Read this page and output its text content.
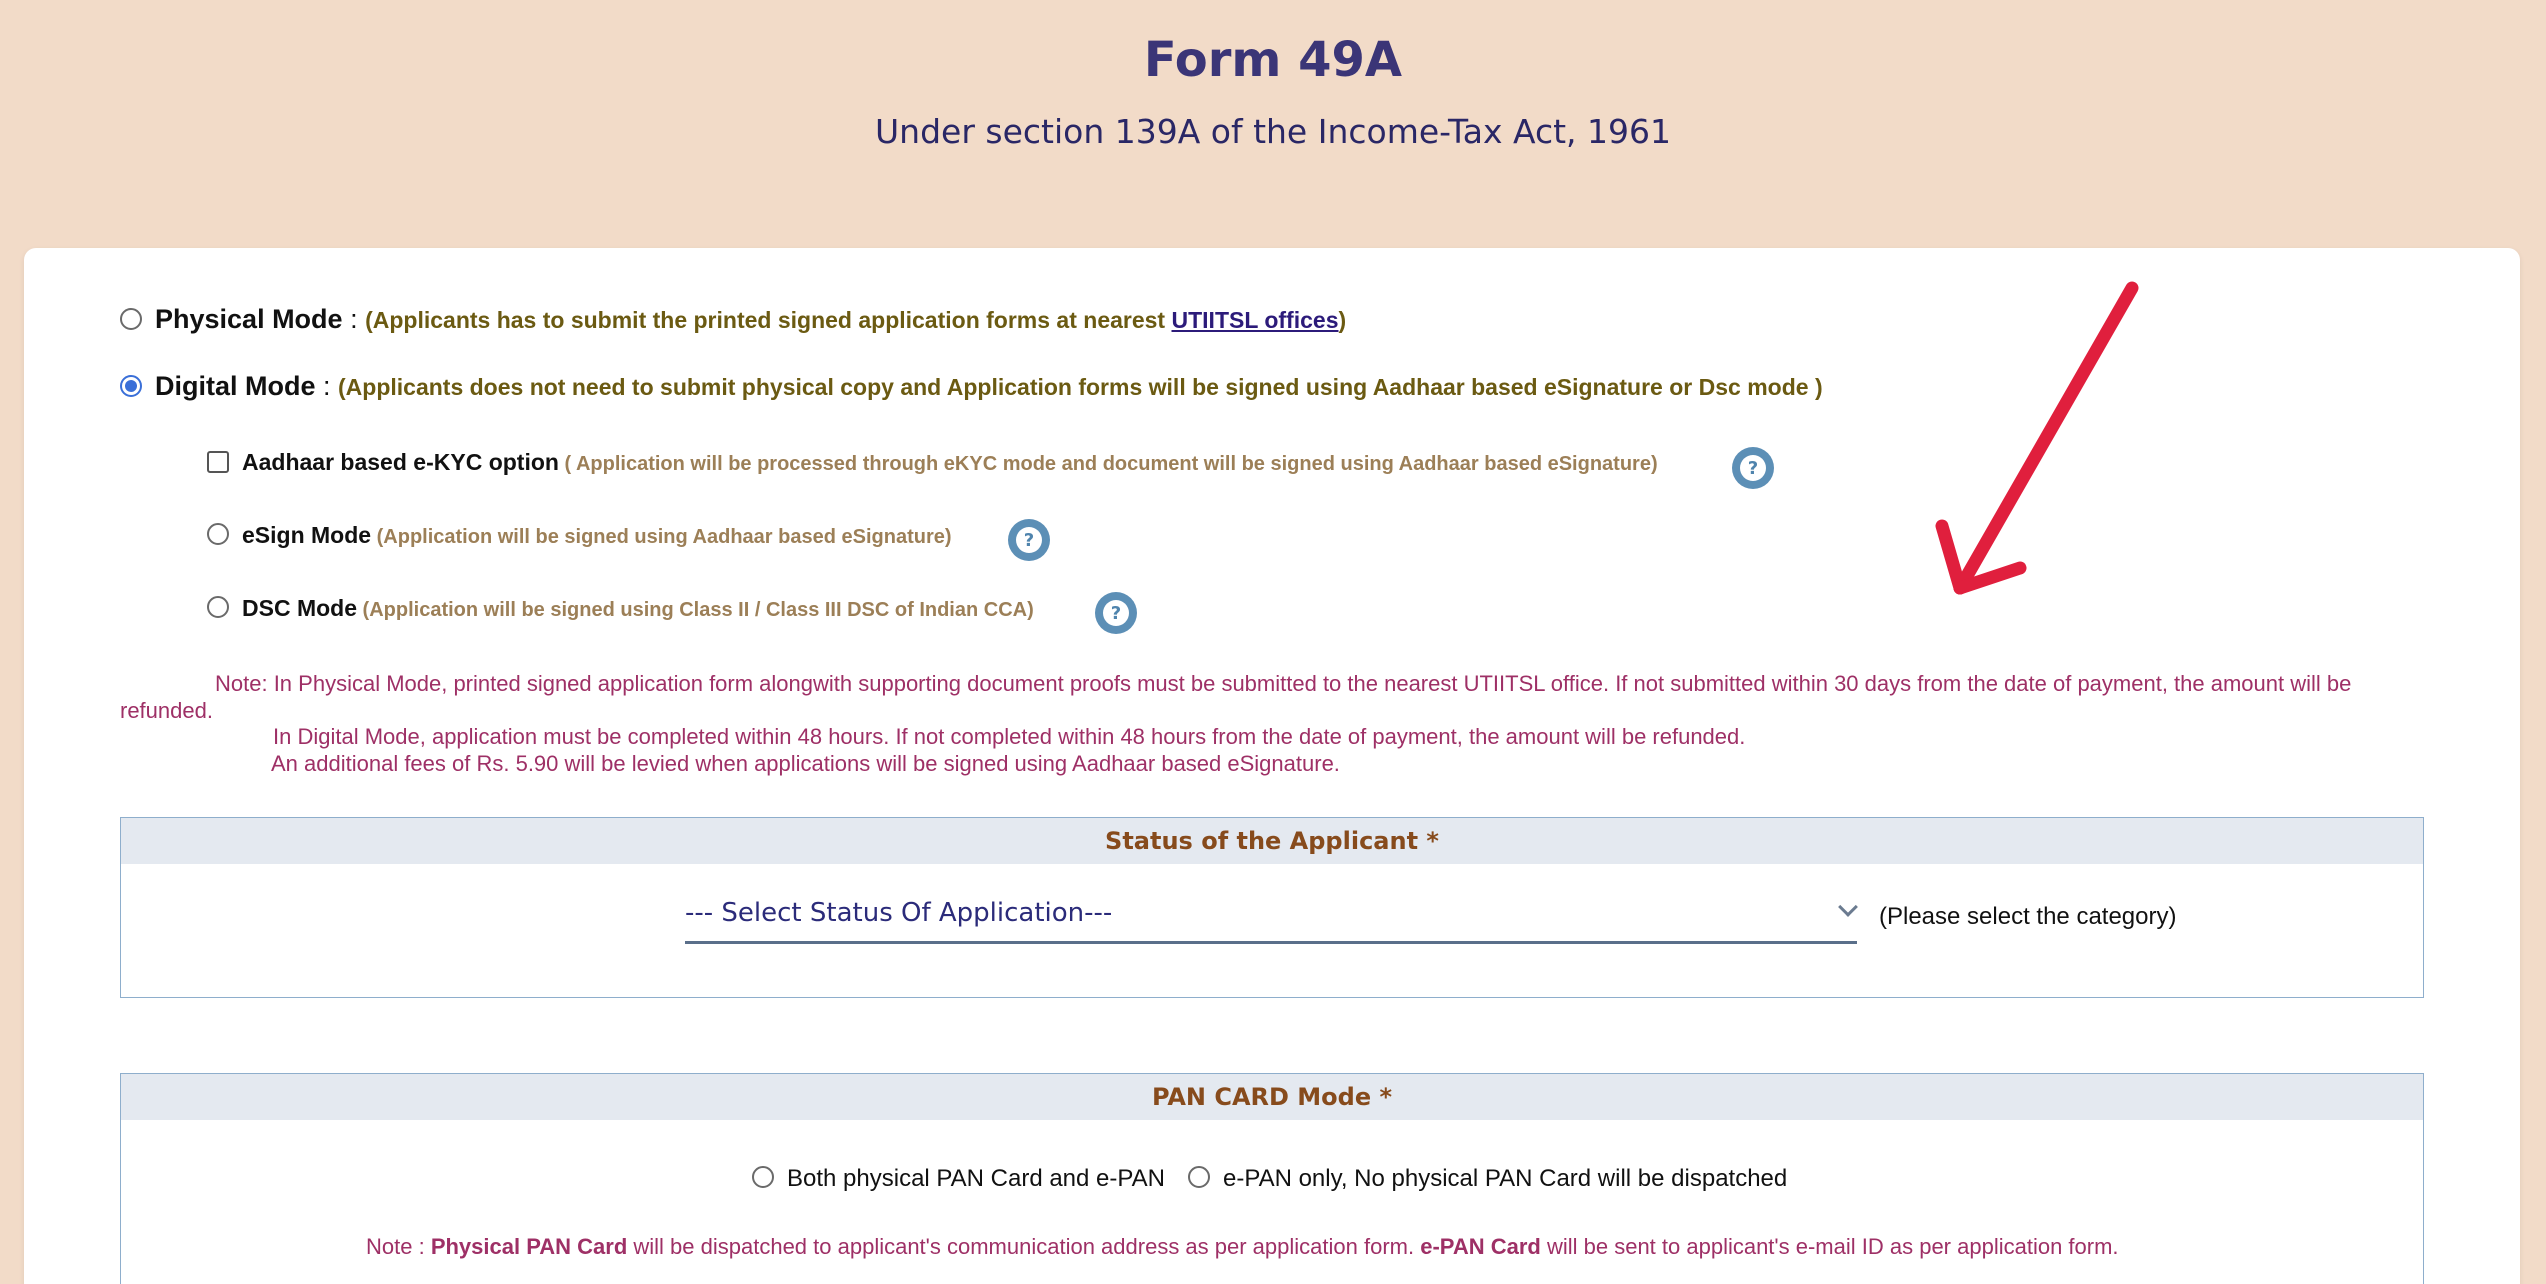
Form 49A
Under section 139A of the Income-Tax Act, 1961
Physical Mode : (Applicants has to submit the printed signed application forms at nearest UTIITSL offices)
Digital Mode : (Applicants does not need to submit physical copy and Application forms will be signed using Aadhaar based eSignature or Dsc mode )
Aadhaar based e-KYC option ( Application will be processed through eKYC mode and document will be signed using Aadhaar based eSignature)	?
eSign Mode (Application will be signed using Aadhaar based eSignature)	?
DSC Mode (Application will be signed using Class II / Class III DSC of Indian CCA)	?
Note: In Physical Mode, printed signed application form alongwith supporting document proofs must be submitted to the nearest UTIITSL office. If not submitted within 30 days from the date of payment, the amount will be
refunded.
In Digital Mode, application must be completed within 48 hours. If not completed within 48 hours from the date of payment, the amount will be refunded.
An additional fees of Rs. 5.90 will be levied when applications will be signed using Aadhaar based eSignature.
Status of the Applicant *
--- Select Status Of Application---	(Please select the category)
PAN CARD Mode *
Both physical PAN Card and e-PAN e-PAN only, No physical PAN Card will be dispatched
Note : Physical PAN Card will be dispatched to applicant's communication address as per application form. e-PAN Card will be sent to applicant's e-mail ID as per application form.
